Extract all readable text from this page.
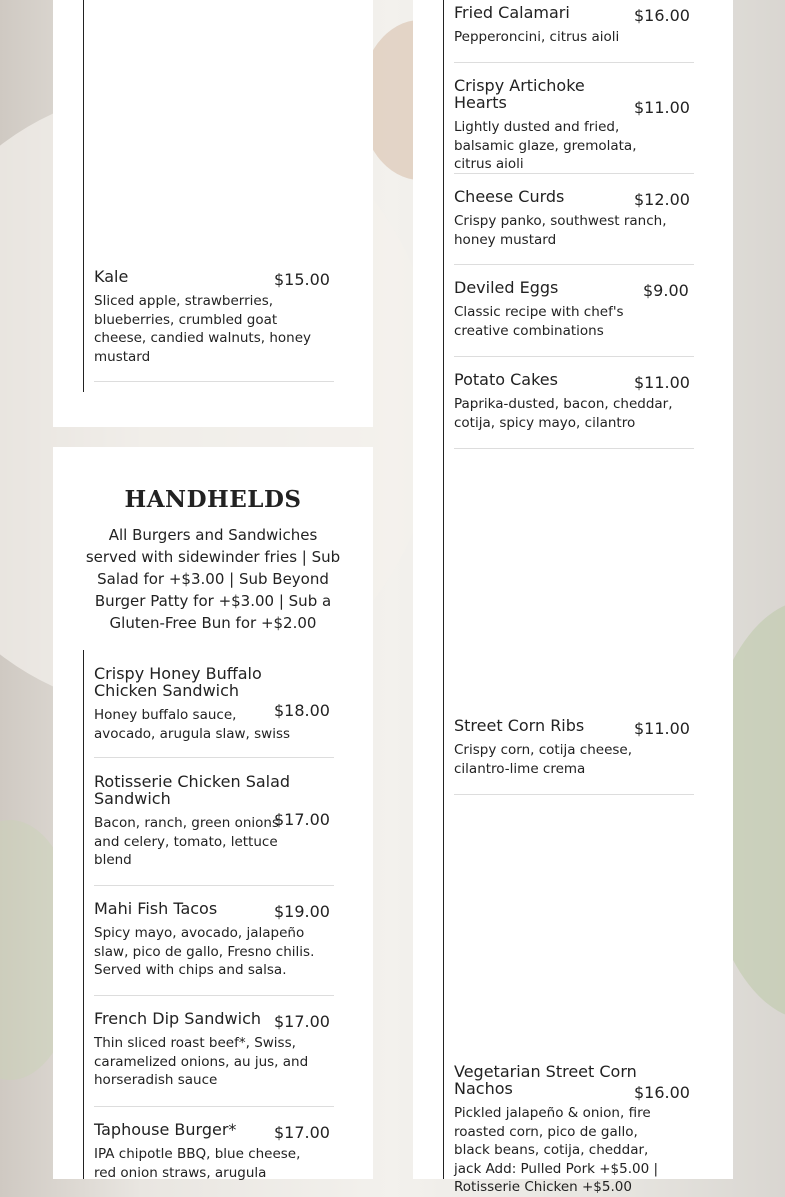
Kale
Sliced apple, strawberries, blueberries, crumbled goat cheese, candied walnuts, honey mustard
$15.00
HANDHELDS
All Burgers and Sandwiches served with sidewinder fries | Sub Salad for +$3.00 | Sub Beyond Burger Patty for +$3.00 | Sub a Gluten-Free Bun for +$2.00
Crispy Honey Buffalo Chicken Sandwich
Honey buffalo sauce, avocado, arugula slaw, swiss
$18.00
Rotisserie Chicken Salad Sandwich
Bacon, ranch, green onions and celery, tomato, lettuce blend
$17.00
Mahi Fish Tacos
Spicy mayo, avocado, jalapeño slaw, pico de gallo, Fresno chilis. Served with chips and salsa.
$19.00
French Dip Sandwich
Thin sliced roast beef*, Swiss, caramelized onions, au jus, and horseradish sauce
$17.00
Taphouse Burger*
IPA chipotle BBQ, blue cheese, red onion straws, arugula
$17.00
Fried Calamari
Pepperoncini, citrus aioli
$16.00
Crispy Artichoke Hearts
Lightly dusted and fried, balsamic glaze, gremolata, citrus aioli
$11.00
Cheese Curds
Crispy panko, southwest ranch, honey mustard
$12.00
Deviled Eggs
Classic recipe with chef's creative combinations
$9.00
Potato Cakes
Paprika-dusted, bacon, cheddar, cotija, spicy mayo, cilantro
$11.00
Street Corn Ribs
Crispy corn, cotija cheese, cilantro-lime crema
$11.00
Vegetarian Street Corn Nachos
Pickled jalapeño & onion, fire roasted corn, pico de gallo, black beans, cotija, cheddar, jack Add: Pulled Pork +$5.00 | Rotisserie Chicken +$5.00
$16.00
